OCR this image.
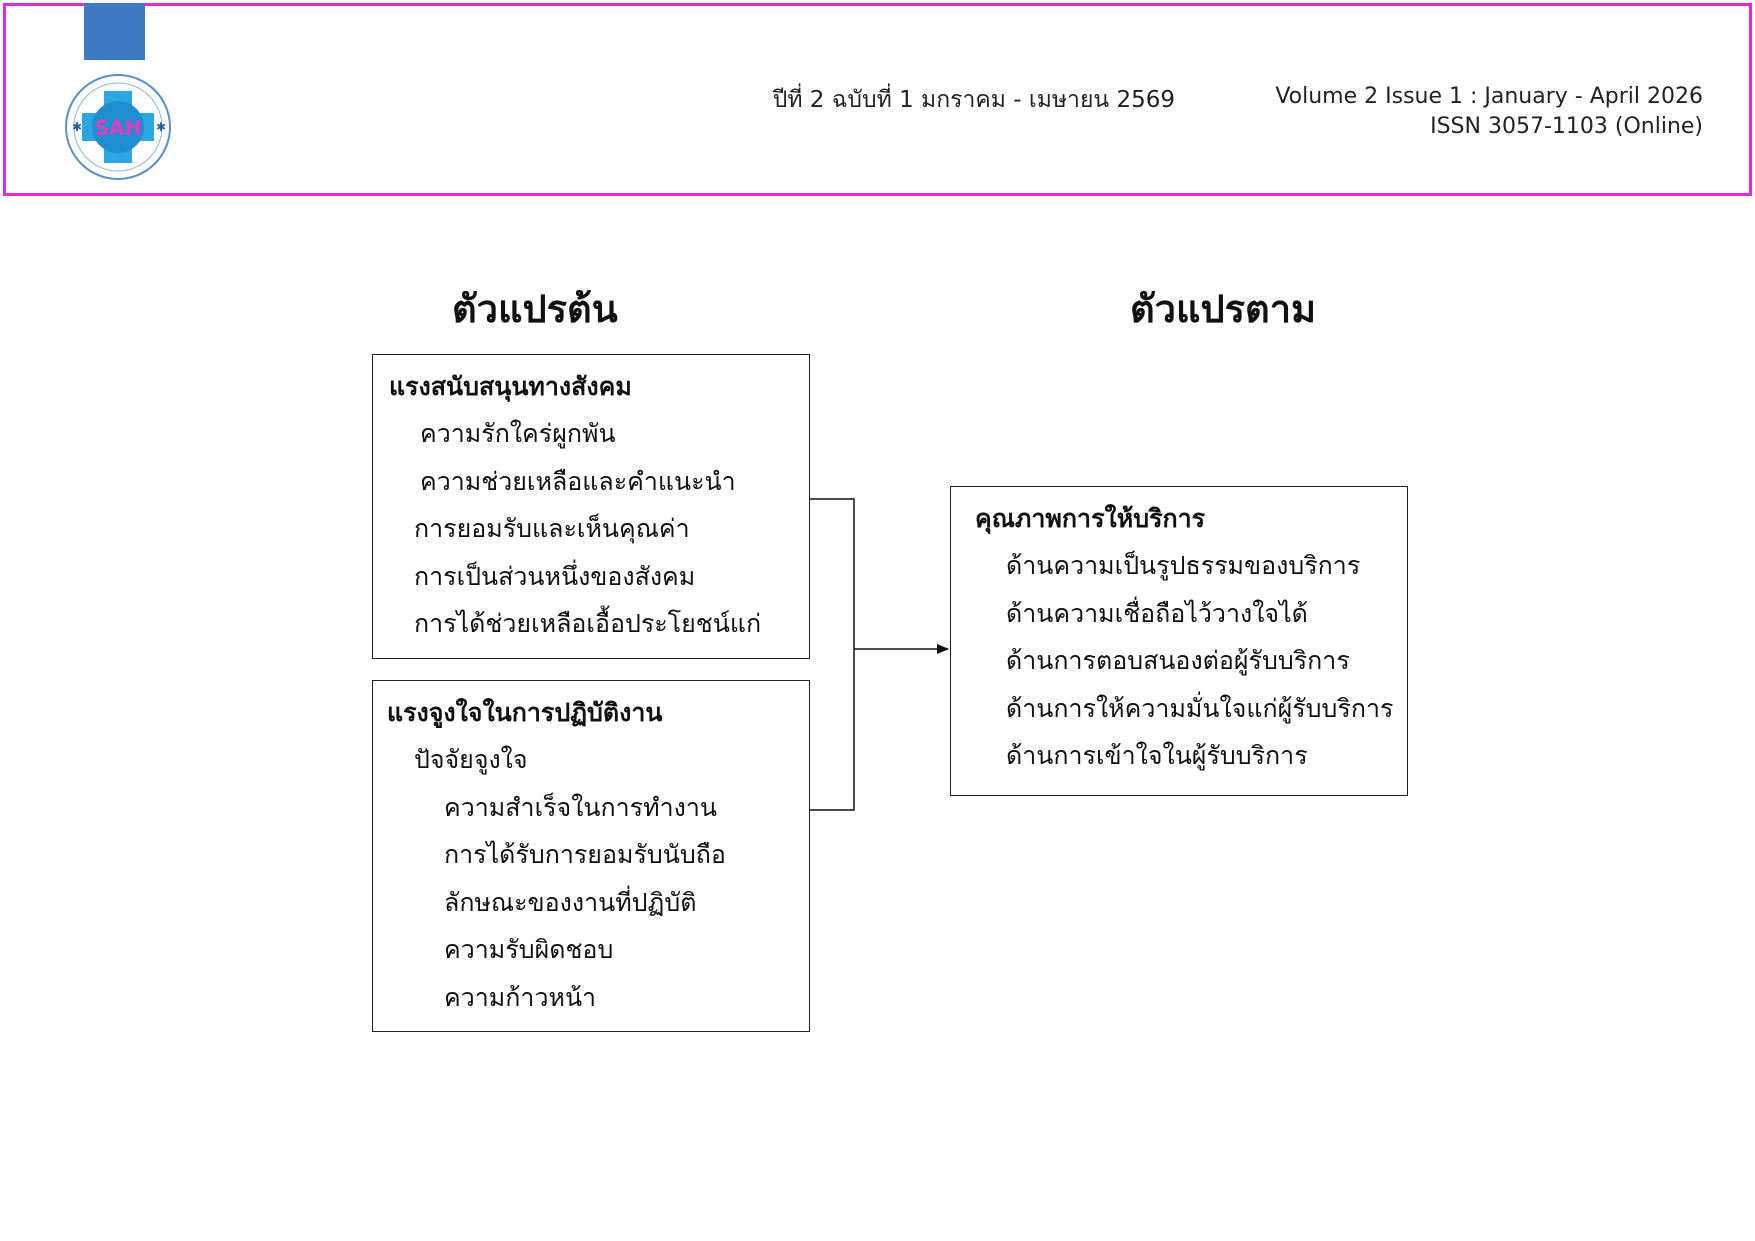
SAH
✱	✱
ปีที่ 2 ฉบับที่ 1 มกราคม - เมษายน 2569	Volume 2 Issue 1 : January - April 2026
ISSN 3057-1103 (Online)
ตัวแปรต้น	ตัวแปรตาม
แรงสนับสนุนทางสังคม
ความรักใคร่ผูกพัน
ความช่วยเหลือและคำแนะนำ
การยอมรับและเห็นคุณค่า
การเป็นส่วนหนึ่งของสังคม
การได้ช่วยเหลือเอื้อประโยชน์แก่
แรงจูงใจในการปฏิบัติงาน
ปัจจัยจูงใจ
ความสำเร็จในการทำงาน
การได้รับการยอมรับนับถือ
ลักษณะของงานที่ปฏิบัติ
ความรับผิดชอบ
ความก้าวหน้า
คุณภาพการให้บริการ
ด้านความเป็นรูปธรรมของบริการ
ด้านความเชื่อถือไว้วางใจได้
ด้านการตอบสนองต่อผู้รับบริการ
ด้านการให้ความมั่นใจแก่ผู้รับบริการ
ด้านการเข้าใจในผู้รับบริการ
